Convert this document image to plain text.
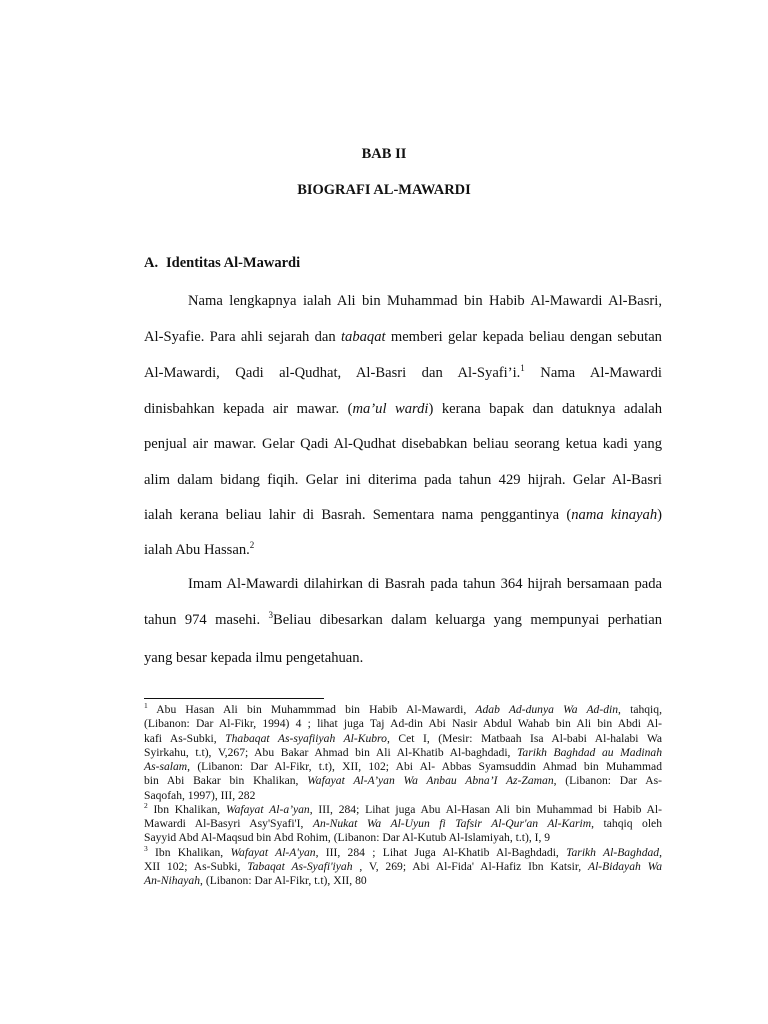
BAB II
BIOGRAFI AL-MAWARDI
A. Identitas Al-Mawardi
Nama lengkapnya ialah Ali bin Muhammad bin Habib Al-Mawardi Al-Basri,
Al-Syafie. Para ahli sejarah dan tabaqat memberi gelar kepada beliau dengan sebutan
Al-Mawardi, Qadi al-Qudhat, Al-Basri dan Al-Syafi’i.$^1$ Nama Al-Mawardi
dinisbahkan kepada air mawar. (ma’ul wardi) kerana bapak dan datuknya adalah
penjual air mawar. Gelar Qadi Al-Qudhat disebabkan beliau seorang ketua kadi yang
alim dalam bidang fiqih. Gelar ini diterima pada tahun 429 hijrah. Gelar Al-Basri
ialah kerana beliau lahir di Basrah. Sementara nama penggantinya (nama kinayah)
ialah Abu Hassan.$^2$
Imam Al-Mawardi dilahirkan di Basrah pada tahun 364 hijrah bersamaan pada
tahun 974 masehi. $^3$Beliau dibesarkan dalam keluarga yang mempunyai perhatian
yang besar kepada ilmu pengetahuan.
$^1$ Abu Hasan Ali bin Muhammmad bin Habib Al-Mawardi, Adab Ad-dunya Wa Ad-din, tahqiq,
(Libanon: Dar Al-Fikr, 1994) 4 ; lihat juga Taj Ad-din Abi Nasir Abdul Wahab bin Ali bin Abdi Al-
kafi As-Subki, Thabaqat As-syafiiyah Al-Kubro, Cet I, (Mesir: Matbaah Isa Al-babi Al-halabi Wa
Syirkahu, t.t), V,267; Abu Bakar Ahmad bin Ali Al-Khatib Al-baghdadi, Tarikh Baghdad au Madinah
As-salam, (Libanon: Dar Al-Fikr, t.t), XII, 102; Abi Al- Abbas Syamsuddin Ahmad bin Muhammad
bin Abi Bakar bin Khalikan, Wafayat Al-A’yan Wa Anbau Abna’I Az-Zaman, (Libanon: Dar As-
Saqofah, 1997), III, 282
$^2$ Ibn Khalikan, Wafayat Al-a’yan, III, 284; Lihat juga Abu Al-Hasan Ali bin Muhammad bi Habib Al-
Mawardi Al-Basyri Asy'Syafi'I, An-Nukat Wa Al-Uyun fi Tafsir Al-Qur'an Al-Karim, tahqiq oleh
Sayyid Abd Al-Maqsud bin Abd Rohim, (Libanon: Dar Al-Kutub Al-Islamiyah, t.t), I, 9
$^3$ Ibn Khalikan, Wafayat Al-A'yan, III, 284 ; Lihat Juga Al-Khatib Al-Baghdadi, Tarikh Al-Baghdad,
XII 102; As-Subki, Tabaqat As-Syafi'iyah , V, 269; Abi Al-Fida' Al-Hafiz Ibn Katsir, Al-Bidayah Wa
An-Nihayah, (Libanon: Dar Al-Fikr, t.t), XII, 80
